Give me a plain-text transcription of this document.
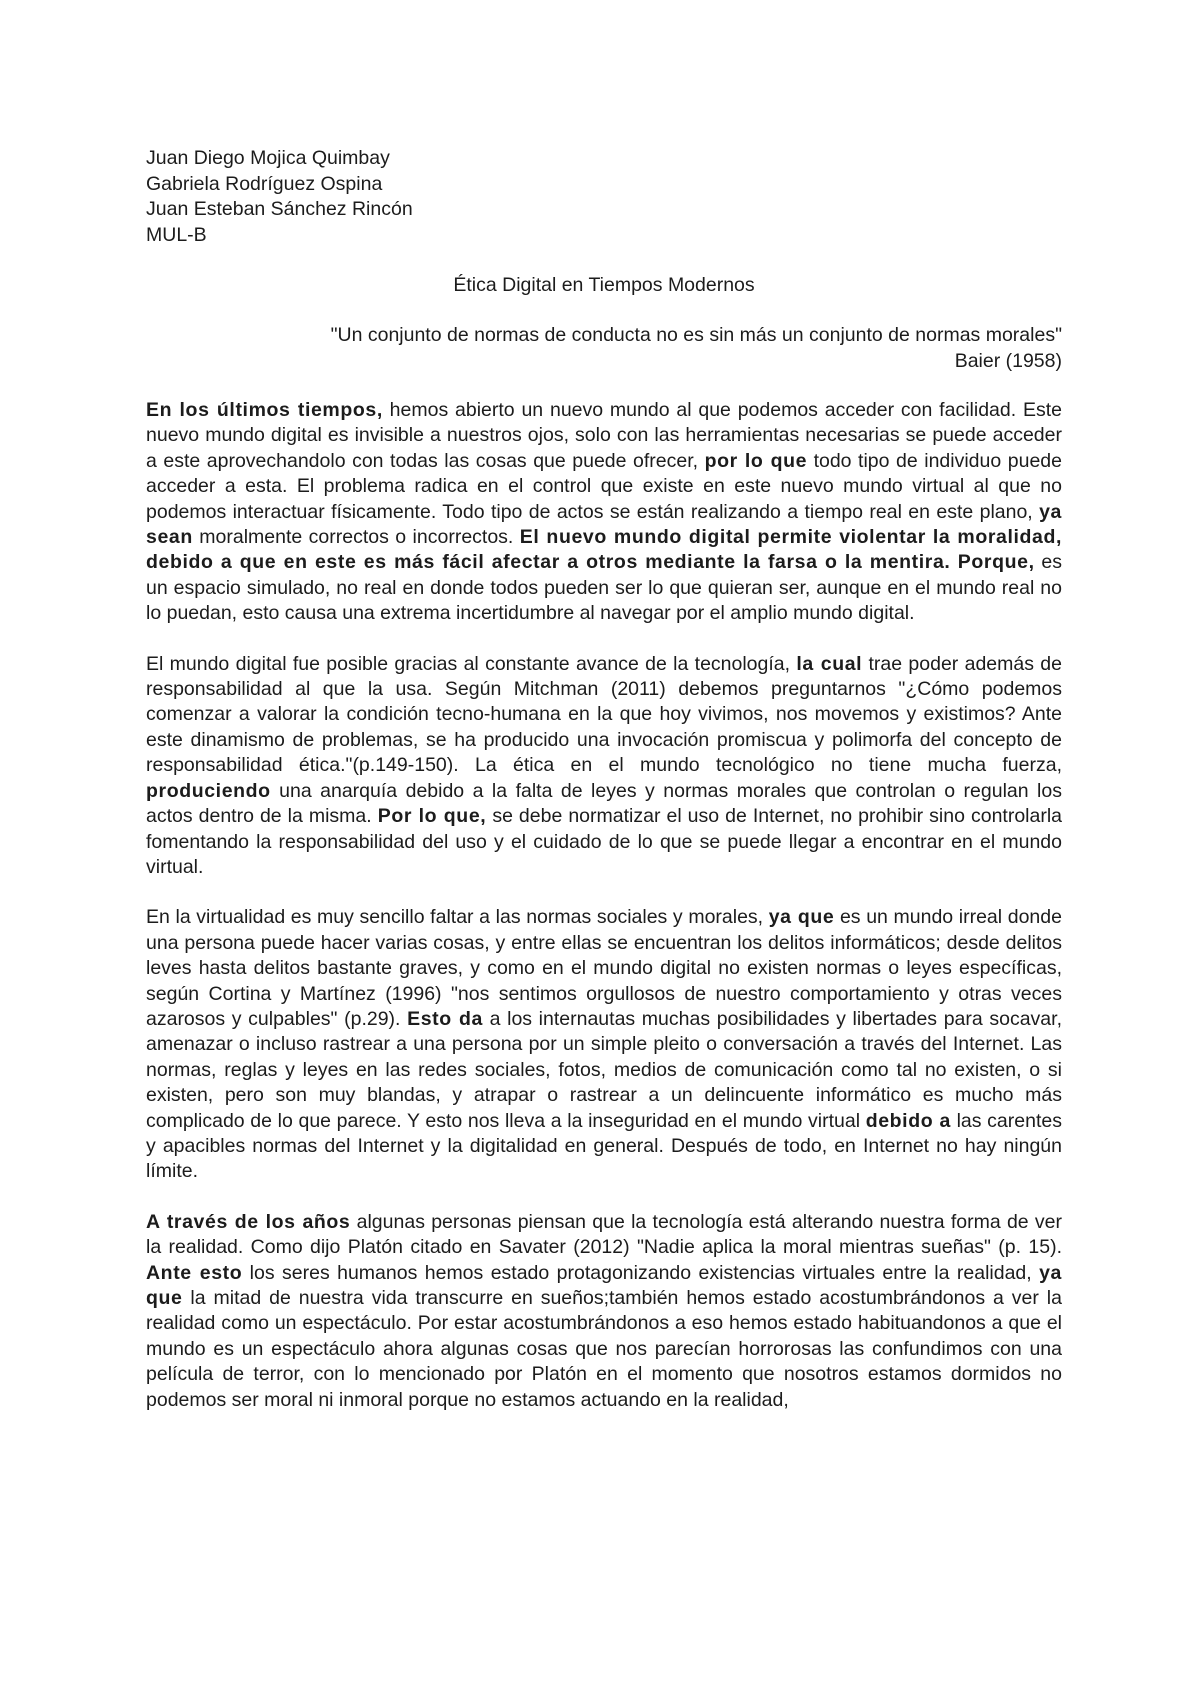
Juan Diego Mojica Quimbay
Gabriela Rodríguez Ospina
Juan Esteban Sánchez Rincón
MUL-B
Ética Digital en Tiempos Modernos
"Un conjunto de normas de conducta no es sin más un conjunto de normas morales"
Baier (1958)

En los últimos tiempos, hemos abierto un nuevo mundo al que podemos acceder con facilidad. Este nuevo mundo digital es invisible a nuestros ojos, solo con las herramientas necesarias se puede acceder a este aprovechandolo con todas las cosas que puede ofrecer, por lo que todo tipo de individuo puede acceder a esta. El problema radica en el control que existe en este nuevo mundo virtual al que no podemos interactuar físicamente. Todo tipo de actos se están realizando a tiempo real en este plano, ya sean moralmente correctos o incorrectos. El nuevo mundo digital permite violentar la moralidad, debido a que en este es más fácil afectar a otros mediante la farsa o la mentira. Porque, es un espacio simulado, no real en donde todos pueden ser lo que quieran ser, aunque en el mundo real no lo puedan, esto causa una extrema incertidumbre al navegar por el amplio mundo digital.

El mundo digital fue posible gracias al constante avance de la tecnología, la cual trae poder además de responsabilidad al que la usa. Según Mitchman (2011) debemos preguntarnos "¿Cómo podemos comenzar a valorar la condición tecno-humana en la que hoy vivimos, nos movemos y existimos? Ante este dinamismo de problemas, se ha producido una invocación promiscua y polimorfa del concepto de responsabilidad ética."(p.149-150). La ética en el mundo tecnológico no tiene mucha fuerza, produciendo una anarquía debido a la falta de leyes y normas morales que controlan o regulan los actos dentro de la misma. Por lo que, se debe normatizar el uso de Internet, no prohibir sino controlarla fomentando la responsabilidad del uso y el cuidado de lo que se puede llegar a encontrar en el mundo virtual.

En la virtualidad es muy sencillo faltar a las normas sociales y morales, ya que es un mundo irreal donde una persona puede hacer varias cosas, y entre ellas se encuentran los delitos informáticos; desde delitos leves hasta delitos bastante graves, y como en el mundo digital no existen normas o leyes específicas, según Cortina y Martínez (1996) "nos sentimos orgullosos de nuestro comportamiento y otras veces azarosos y culpables" (p.29). Esto da a los internautas muchas posibilidades y libertades para socavar, amenazar o incluso rastrear a una persona por un simple pleito o conversación a través del Internet. Las normas, reglas y leyes en las redes sociales, fotos, medios de comunicación como tal no existen, o si existen, pero son muy blandas, y atrapar o rastrear a un delincuente informático es mucho más complicado de lo que parece. Y esto nos lleva a la inseguridad en el mundo virtual debido a las carentes y apacibles normas del Internet y la digitalidad en general. Después de todo, en Internet no hay ningún límite.

A través de los años algunas personas piensan que la tecnología está alterando nuestra forma de ver la realidad. Como dijo Platón citado en Savater (2012) "Nadie aplica la moral mientras sueñas" (p. 15). Ante esto los seres humanos hemos estado protagonizando existencias virtuales entre la realidad, ya que la mitad de nuestra vida transcurre en sueños;también hemos estado acostumbrándonos a ver la realidad como un espectáculo. Por estar acostumbrándonos a eso hemos estado habituandonos a que el mundo es un espectáculo ahora algunas cosas que nos parecían horrorosas las confundimos con una película de terror, con lo mencionado por Platón en el momento que nosotros estamos dormidos no podemos ser moral ni inmoral porque no estamos actuando en la realidad,
